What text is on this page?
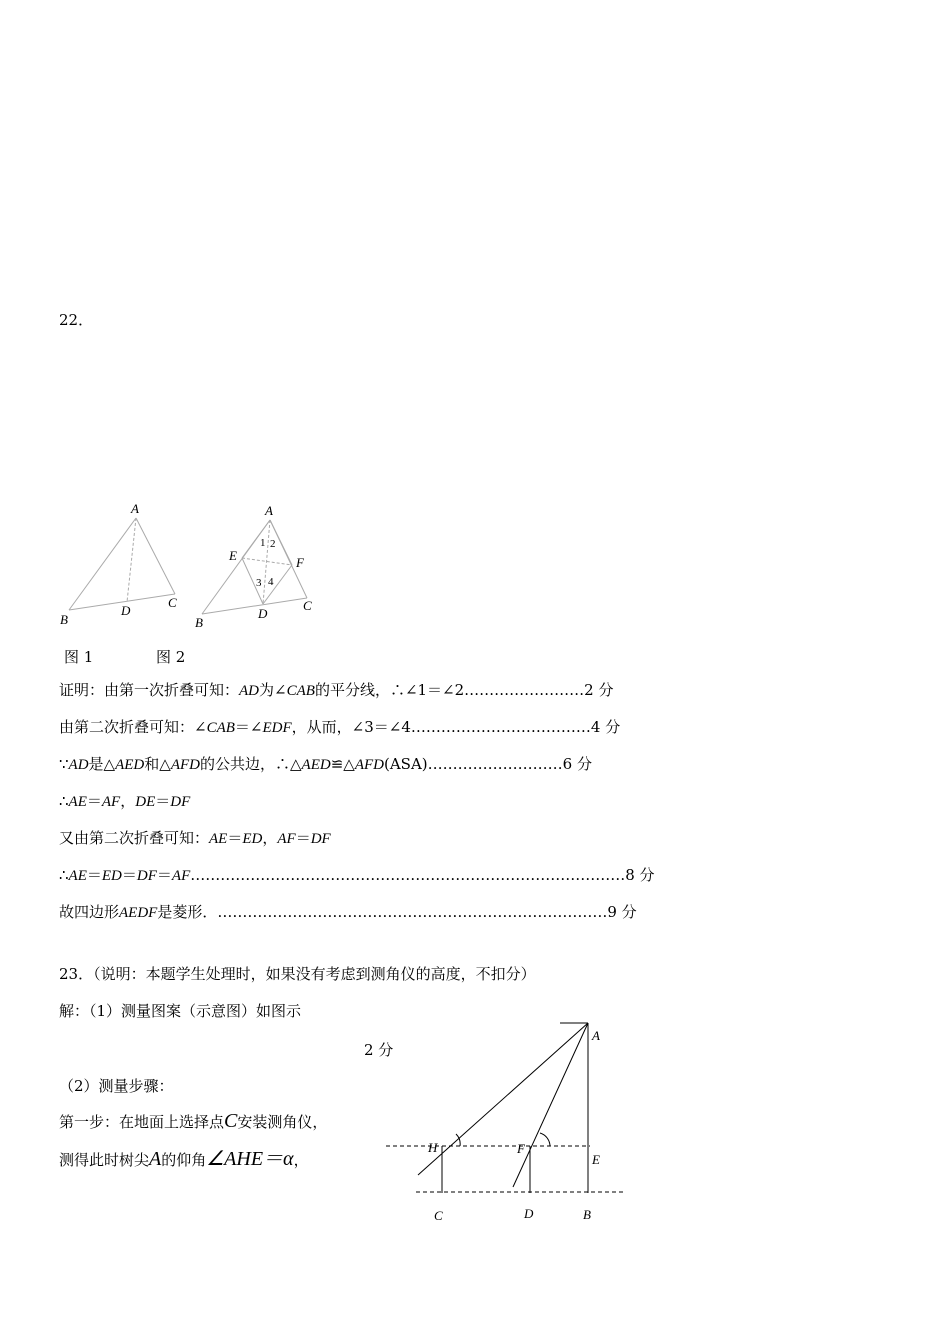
22．
A
B
C
D
A
B
C
D
E	F
1 2
3 4
图 1	图 2
证明：由第一次折叠可知：AD为∠CAB的平分线，∴∠1＝∠2……………………2 分
由第二次折叠可知：∠CAB＝∠EDF，从而，∠3＝∠4………………………………4 分
∵AD是△AED和△AFD的公共边，∴△AED≌△AFD(ASA)………………………6 分
∴AE＝AF，DE＝DF
又由第二次折叠可知：AE＝ED，AF＝DF
∴AE＝ED＝DF＝AF……………………………………………………………………………8 分
故四边形AEDF是菱形．……………………………………………………………………9 分
23．（说明：本题学生处理时，如果没有考虑到测角仪的高度，不扣分）
解：（1）测量图案（示意图）如图示
2 分
（2）测量步骤：
第一步：在地面上选择点C安装测角仪，
测得此时树尖A的仰角∠AHE＝α，
A
H	F
E
C	D	B
